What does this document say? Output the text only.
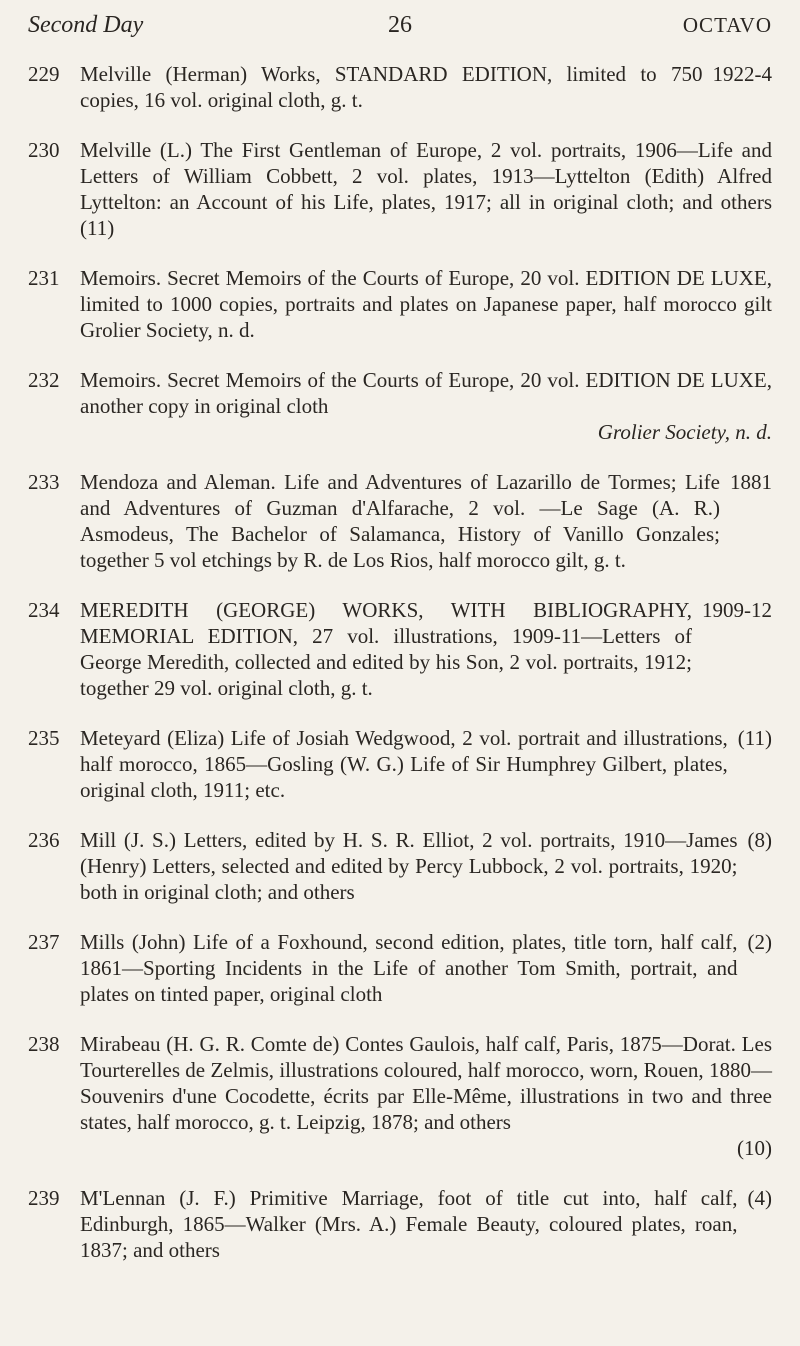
Second Day	26	OCTAVO
229 Melville (Herman) Works, STANDARD EDITION, limited to 750 copies, 16 vol. original cloth, g. t.
1922-4
230 Melville (L.) The First Gentleman of Europe, 2 vol. portraits, 1906—Life and Letters of William Cobbett, 2 vol. plates, 1913—Lyttelton (Edith) Alfred Lyttelton: an Account of his Life, plates, 1917; all in original cloth; and others (11)
231 Memoirs. Secret Memoirs of the Courts of Europe, 20 vol. EDITION DE LUXE, limited to 1000 copies, portraits and plates on Japanese paper, half morocco gilt Grolier Society, n. d.
232 Memoirs. Secret Memoirs of the Courts of Europe, 20 vol. EDITION DE LUXE, another copy in original cloth
Grolier Society, n. d.
233 Mendoza and Aleman. Life and Adventures of Lazarillo de Tormes; Life and Adventures of Guzman d'Alfarache, 2 vol. —Le Sage (A. R.) Asmodeus, The Bachelor of Salamanca, History of Vanillo Gonzales; together 5 vol etchings by R. de Los Rios, half morocco gilt, g. t.
1881
234 MEREDITH (GEORGE) WORKS, WITH BIBLIOGRAPHY, MEMORIAL EDITION, 27 vol. illustrations, 1909-11—Letters of George Meredith, collected and edited by his Son, 2 vol. portraits, 1912; together 29 vol. original cloth, g. t.
1909-12
235 Meteyard (Eliza) Life of Josiah Wedgwood, 2 vol. portrait and illustrations, half morocco, 1865—Gosling (W. G.) Life of Sir Humphrey Gilbert, plates, original cloth, 1911; etc.
(11)
236 Mill (J. S.) Letters, edited by H. S. R. Elliot, 2 vol. portraits, 1910—James (Henry) Letters, selected and edited by Percy Lubbock, 2 vol. portraits, 1920; both in original cloth; and others
(8)
237 Mills (John) Life of a Foxhound, second edition, plates, title torn, half calf, 1861—Sporting Incidents in the Life of another Tom Smith, portrait, and plates on tinted paper, original cloth
(2)
238 Mirabeau (H. G. R. Comte de) Contes Gaulois, half calf, Paris, 1875—Dorat. Les Tourterelles de Zelmis, illustrations coloured, half morocco, worn, Rouen, 1880—Souvenirs d'une Cocodette, écrits par Elle-Même, illustrations in two and three states, half morocco, g. t. Leipzig, 1878; and others
(10)
239 M'Lennan (J. F.) Primitive Marriage, foot of title cut into, half calf, Edinburgh, 1865—Walker (Mrs. A.) Female Beauty, coloured plates, roan, 1837; and others
(4)
